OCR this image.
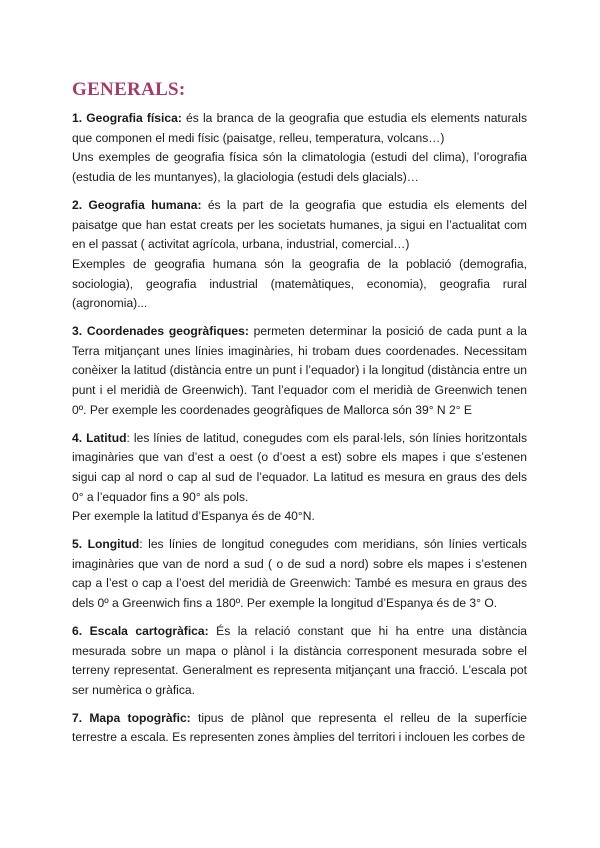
GENERALS:

1. Geografia física: és la branca de la geografia que estudia els elements naturals que componen el medi físic (paisatge, relleu, temperatura, volcans…)

Uns exemples de geografia física són la climatologia (estudi del clima), l’orografia (estudia de les muntanyes), la glaciologia (estudi dels glacials)…

2. Geografia humana: és la part de la geografia que estudia els elements del paisatge que han estat creats per les societats humanes, ja sigui en l’actualitat com en el passat ( activitat agrícola, urbana, industrial, comercial…)

Exemples de geografia humana són la geografia de la població (demografia, sociologia), geografia industrial (matemàtiques, economia), geografia rural (agronomia)...

3. Coordenades geogràfiques: permeten determinar la posició de cada punt a la Terra mitjançant unes línies imaginàries, hi trobam dues coordenades. Necessitam conèixer la latitud (distància entre un punt i l’equador) i la longitud (distància entre un punt i el meridià de Greenwich). Tant l’equador com el meridià de Greenwich tenen 0º. Per exemple les coordenades geogràfiques de Mallorca són 39° N 2° E

4. Latitud: les línies de latitud, conegudes com els paral·lels, són línies horitzontals imaginàries que van d’est a oest (o d’oest a est) sobre els mapes i que s’estenen sigui cap al nord o cap al sud de l’equador. La latitud es mesura en graus des dels 0° a l’equador fins a 90° als pols.

Per exemple la latitud d’Espanya és de 40°N.

5. Longitud: les línies de longitud conegudes com meridians, són línies verticals imaginàries que van de nord a sud ( o de sud a nord) sobre els mapes i s’estenen cap a l’est o cap a l’oest del meridià de Greenwich: També es mesura en graus des dels 0º a Greenwich fins a 180º. Per exemple la longitud d’Espanya és de 3° O.

6. Escala cartogràfica: És la relació constant que hi ha entre una distància mesurada sobre un mapa o plànol i la distància corresponent mesurada sobre el terreny representat. Generalment es representa mitjançant una fracció. L’escala pot ser numèrica o gràfica.

7. Mapa topogràfic: tipus de plànol que representa el relleu de la superfície terrestre a escala. Es representen zones àmplies del territori i inclouen les corbes de
